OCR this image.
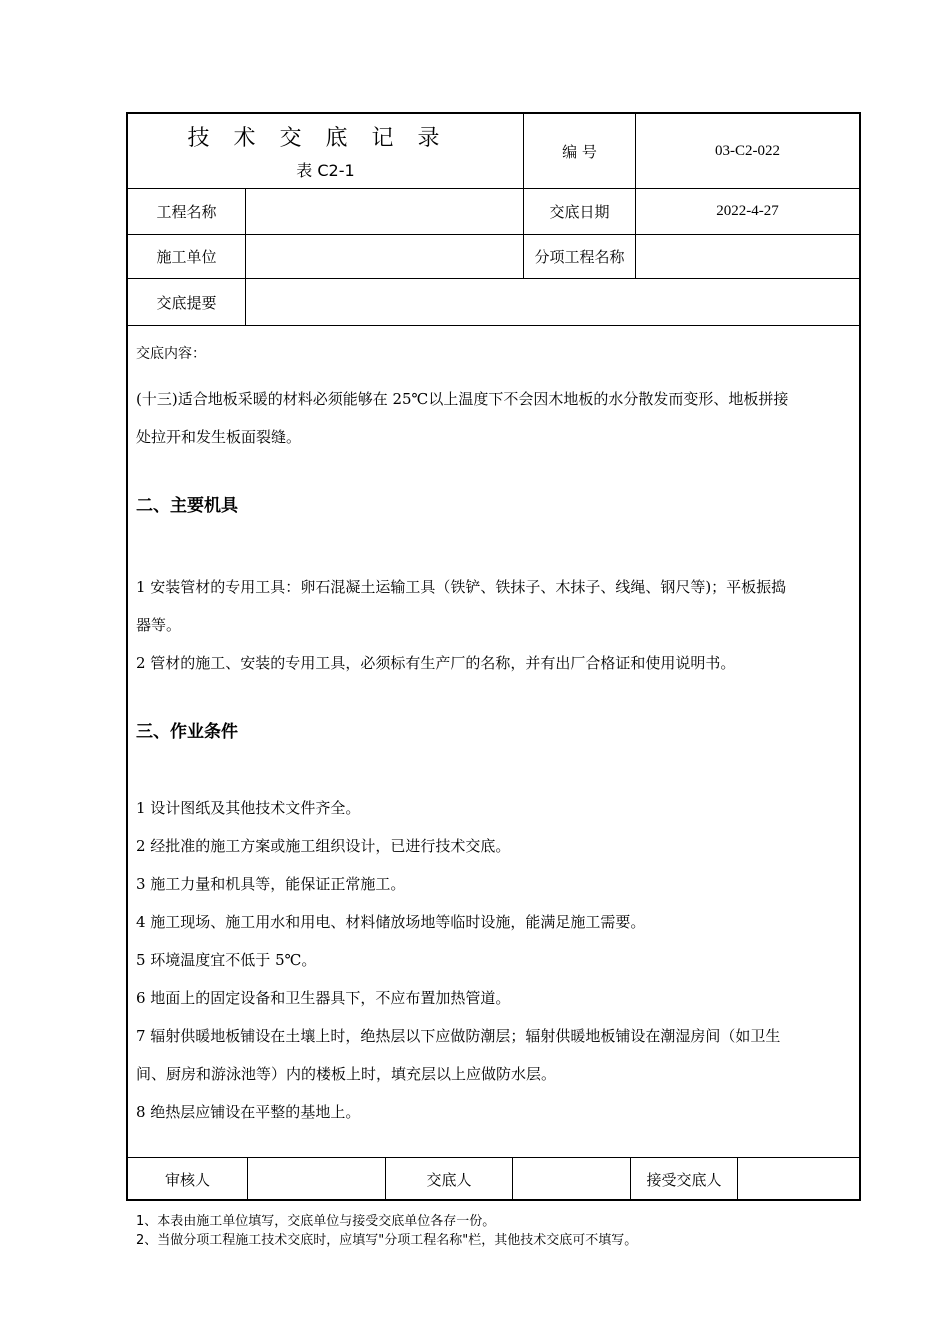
技术交底记录
表 C2-1
编 号	03-C2-022
工程名称	交底日期	2022-4-27
施工单位	分项工程名称
交底提要
交底内容：
(十三)适合地板采暖的材料必须能够在 25℃以上温度下不会因木地板的水分散发而变形、地板拼接
处拉开和发生板面裂缝。
二、主要机具
1 安装管材的专用工具：卵石混凝土运输工具（铁铲、铁抹子、木抹子、线绳、钢尺等)；平板振捣
器等。
2 管材的施工、安装的专用工具，必须标有生产厂的名称，并有出厂合格证和使用说明书。
三、作业条件
1 设计图纸及其他技术文件齐全。
2 经批准的施工方案或施工组织设计，已进行技术交底。
3 施工力量和机具等，能保证正常施工。
4 施工现场、施工用水和用电、材料储放场地等临时设施，能满足施工需要。
5 环境温度宜不低于 5℃。
6 地面上的固定设备和卫生器具下，不应布置加热管道。
7 辐射供暖地板铺设在土壤上时，绝热层以下应做防潮层；辐射供暖地板铺设在潮湿房间（如卫生
间、厨房和游泳池等）内的楼板上时，填充层以上应做防水层。
8 绝热层应铺设在平整的基地上。
审核人	交底人	接受交底人
1、本表由施工单位填写，交底单位与接受交底单位各存一份。
2、当做分项工程施工技术交底时，应填写"分项工程名称"栏，其他技术交底可不填写。
